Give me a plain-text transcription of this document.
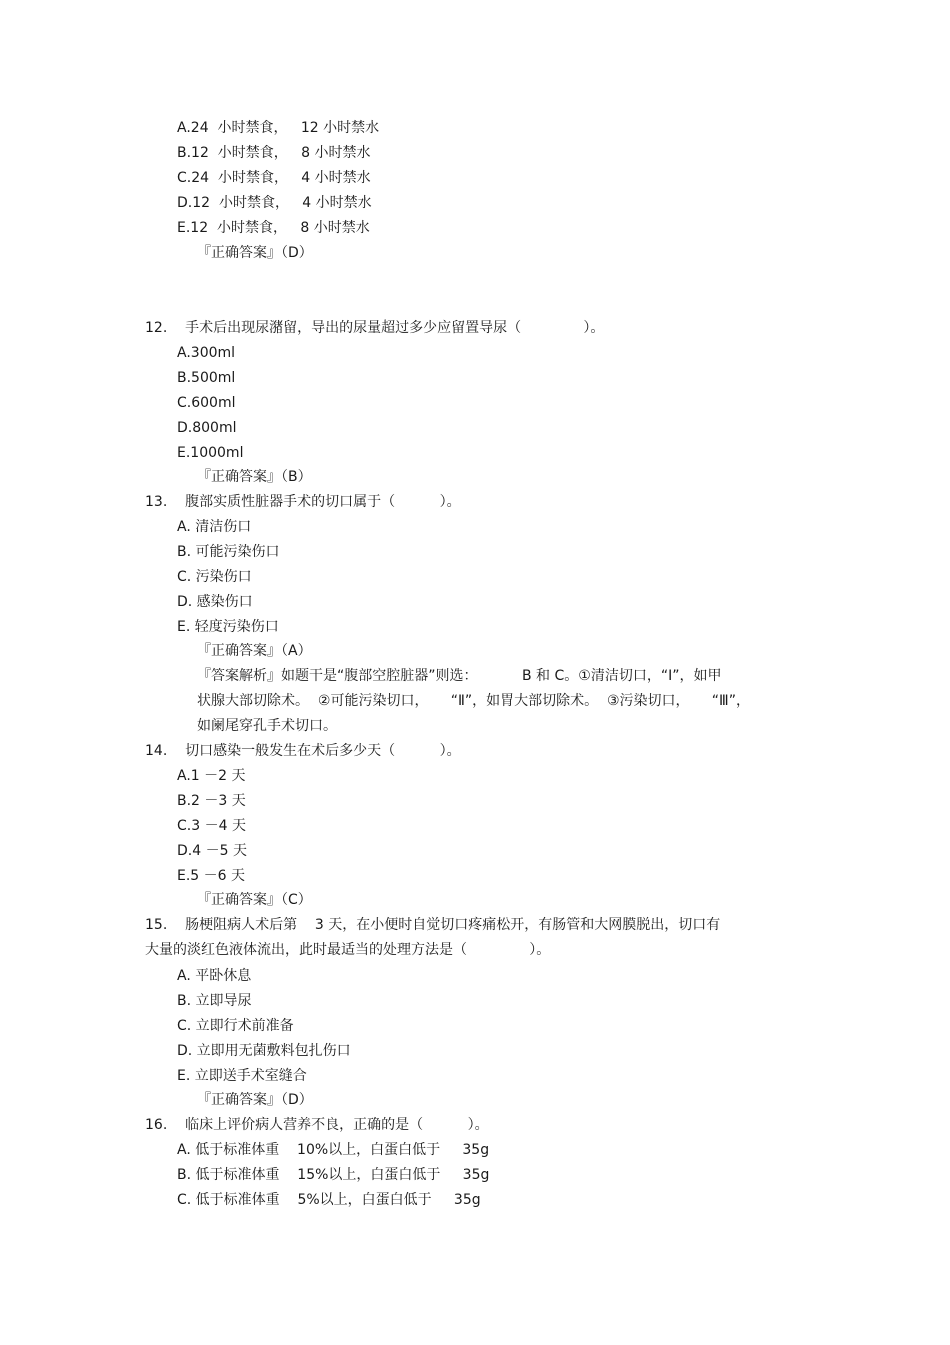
A.24  小时禁食，   12 小时禁水
B.12  小时禁食，   8 小时禁水
C.24  小时禁食，   4 小时禁水
D.12  小时禁食，   4 小时禁水
E.12  小时禁食，   8 小时禁水
『正确答案』（D）
12.    手术后出现尿潴留，导出的尿量超过多少应留置导尿（              ）。
A.300ml
B.500ml
C.600ml
D.800ml
E.1000ml
『正确答案』（B）
13.    腹部实质性脏器手术的切口属于（          ）。
A. 清洁伤口
B. 可能污染伤口
C. 污染伤口
D. 感染伤口
E. 轻度污染伤口
『正确答案』（A）
『答案解析』如题干是“腹部空腔脏器”则选：          B 和 C。①清洁切口，“Ⅰ”，如甲
状腺大部切除术。  ②可能污染切口，     “Ⅱ”，如胃大部切除术。  ③污染切口，     “Ⅲ”，
如阑尾穿孔手术切口。
14.    切口感染一般发生在术后多少天（          ）。
A.1 －2 天
B.2 －3 天
C.3 －4 天
D.4 －5 天
E.5 －6 天
『正确答案』（C）
15.    肠梗阻病人术后第    3 天，在小便时自觉切口疼痛松开，有肠管和大网膜脱出，切口有
大量的淡红色液体流出，此时最适当的处理方法是（              ）。
A. 平卧休息
B. 立即导尿
C. 立即行术前准备
D. 立即用无菌敷料包扎伤口
E. 立即送手术室缝合
『正确答案』（D）
16.    临床上评价病人营养不良，正确的是（          ）。
A. 低于标准体重    10%以上，白蛋白低于     35g
B. 低于标准体重    15%以上，白蛋白低于     35g
C. 低于标准体重    5%以上，白蛋白低于     35g
